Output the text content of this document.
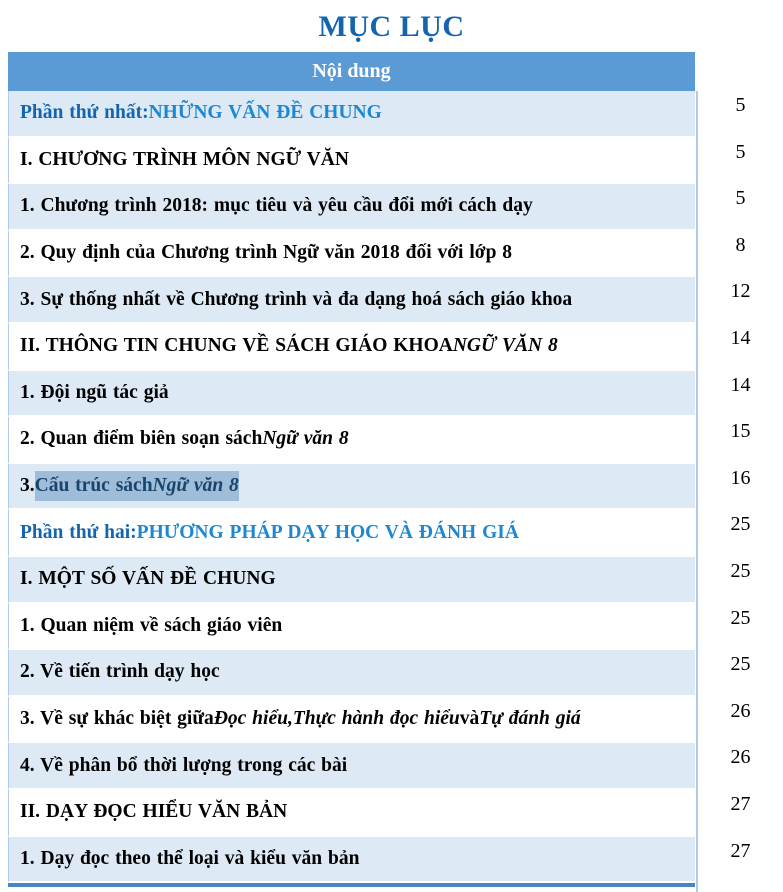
MỤC LỤC
Nội dung
Phần thứ nhất: NHỮNG VẤN ĐỀ CHUNG	5
I. CHƯƠNG TRÌNH MÔN NGỮ VĂN	5
1. Chương trình 2018: mục tiêu và yêu cầu đổi mới cách dạy	5
2. Quy định của Chương trình Ngữ văn 2018 đối với lớp 8	8
3. Sự thống nhất về Chương trình và đa dạng hoá sách giáo khoa	12
II. THÔNG TIN CHUNG VỀ SÁCH GIÁO KHOA NGỮ VĂN 8	14
1. Đội ngũ tác giả	14
2. Quan điểm biên soạn sách Ngữ văn 8	15
3. Cấu trúc sách Ngữ văn 8	16
Phần thứ hai: PHƯƠNG PHÁP DẠY HỌC VÀ ĐÁNH GIÁ	25
I. MỘT SỐ VẤN ĐỀ CHUNG	25
1. Quan niệm về sách giáo viên	25
2. Về tiến trình dạy học	25
3. Về sự khác biệt giữa Đọc hiểu, Thực hành đọc hiểu và Tự đánh giá	26
4. Về phân bổ thời lượng trong các bài	26
II. DẠY ĐỌC HIỂU VĂN BẢN	27
1. Dạy đọc theo thể loại và kiểu văn bản	27
